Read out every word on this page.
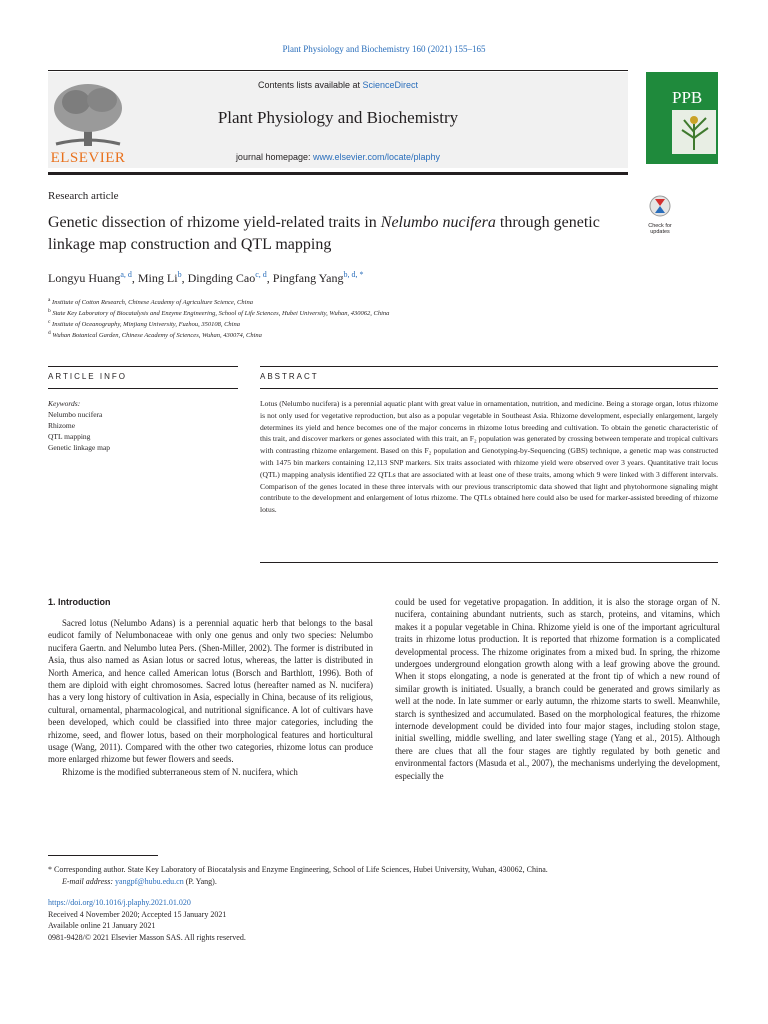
Plant Physiology and Biochemistry 160 (2021) 155–165
ELSEVIER
Contents lists available at ScienceDirect
Plant Physiology and Biochemistry
journal homepage: www.elsevier.com/locate/plaphy
PPB
Research article
Genetic dissection of rhizome yield-related traits in Nelumbo nucifera through genetic linkage map construction and QTL mapping
Check for updates
Longyu Huang$^{a, d}$, Ming Li$^b$, Dingding Cao$^{c, d}$, Pingfang Yang$^{b, d, *}$
$^a$ Institute of Cotton Research, Chinese Academy of Agriculture Science, China
$^b$ State Key Laboratory of Biocatalysis and Enzyme Engineering, School of Life Sciences, Hubei University, Wuhan, 430062, China
$^c$ Institute of Oceanography, Minjiang University, Fuzhou, 350108, China
$^d$ Wuhan Botanical Garden, Chinese Academy of Sciences, Wuhan, 430074, China
ARTICLE INFO	ABSTRACT
Keywords:
Nelumbo nucifera
Rhizome
QTL mapping
Genetic linkage map
Lotus (Nelumbo nucifera) is a perennial aquatic plant with great value in ornamentation, nutrition, and medicine. Being a storage organ, lotus rhizome is not only used for vegetative reproduction, but also as a popular vegetable in Southeast Asia. Rhizome development, especially enlargement, largely determines its yield and hence becomes one of the major concerns in rhizome lotus breeding and cultivation. To obtain the genetic characteristic of this trait, and discover markers or genes associated with this trait, an F₂ population was generated by crossing between temperate and tropical cultivars with contrasting rhizome enlargement. Based on this F₂ population and Genotyping-by-Sequencing (GBS) technique, a genetic map was constructed with 1475 bin markers containing 12,113 SNP markers. Six traits associated with rhizome yield were observed over 3 years. Quantitative trait locus (QTL) mapping analysis identified 22 QTLs that are associated with at least one of these traits, among which 9 were linked with 3 different intervals. Comparison of the genes located in these three intervals with our previous transcriptomic data showed that light and phytohormone signaling might contribute to the development and enlargement of lotus rhizome. The QTLs obtained here could also be used for marker-assisted breeding of rhizome lotus.
1. Introduction

Sacred lotus (Nelumbo Adans) is a perennial aquatic herb that belongs to the basal eudicot family of Nelumbonaceae with only one genus and only two species: Nelumbo nucifera Gaertn. and Nelumbo lutea Pers. (Shen-Miller, 2002). The former is distributed in Asia, thus also named as Asian lotus or sacred lotus, whereas, the latter is distributed in North America, and hence called American lotus (Borsch and Barthlott, 1996). Both of them are diploid with eight chromosomes. Sacred lotus (hereafter named as N. nucifera) has a very long history of cultivation in Asia, especially in China, because of its religious, cultural, ornamental, pharmacological, and nutritional significance. A lot of cultivars have been developed, which could be classified into three major categories, including the rhizome, seed, and flower lotus, based on their morphological features and horticultural usage (Wang, 2011). Compared with the other two categories, rhizome lotus can produce more enlarged rhizome but fewer flowers and seeds.

Rhizome is the modified subterraneous stem of N. nucifera, which

could be used for vegetative propagation. In addition, it is also the storage organ of N. nucifera, containing abundant nutrients, such as starch, proteins, and vitamins, which makes it a popular vegetable in China. Rhizome yield is one of the important agricultural traits in rhizome lotus production. It is reported that rhizome formation is a complicated developmental process. The rhizome originates from a mixed bud. In spring, the rhizome undergoes underground elongation growth along with a leaf growing above the ground. When it stops elongating, a node is generated at the front tip of which a new round of similar growth is initiated. Usually, a branch could be generated and grows similarly as well at the node. In late summer or early autumn, the rhizome starts to swell. Meanwhile, starch is synthesized and accumulated. Based on the morphological features, the rhizome internode development could be divided into four major stages, including stolon stage, initial swelling, middle swelling, and later swelling stage (Yang et al., 2015). Although there are clues that all the four stages are tightly regulated by both genetic and environmental factors (Masuda et al., 2007), the mechanisms underlying the development, especially the

* Corresponding author. State Key Laboratory of Biocatalysis and Enzyme Engineering, School of Life Sciences, Hubei University, Wuhan, 430062, China.
E-mail address: yangpf@hubu.edu.cn (P. Yang).
https://doi.org/10.1016/j.plaphy.2021.01.020
Received 4 November 2020; Accepted 15 January 2021
Available online 21 January 2021
0981-9428/© 2021 Elsevier Masson SAS. All rights reserved.
